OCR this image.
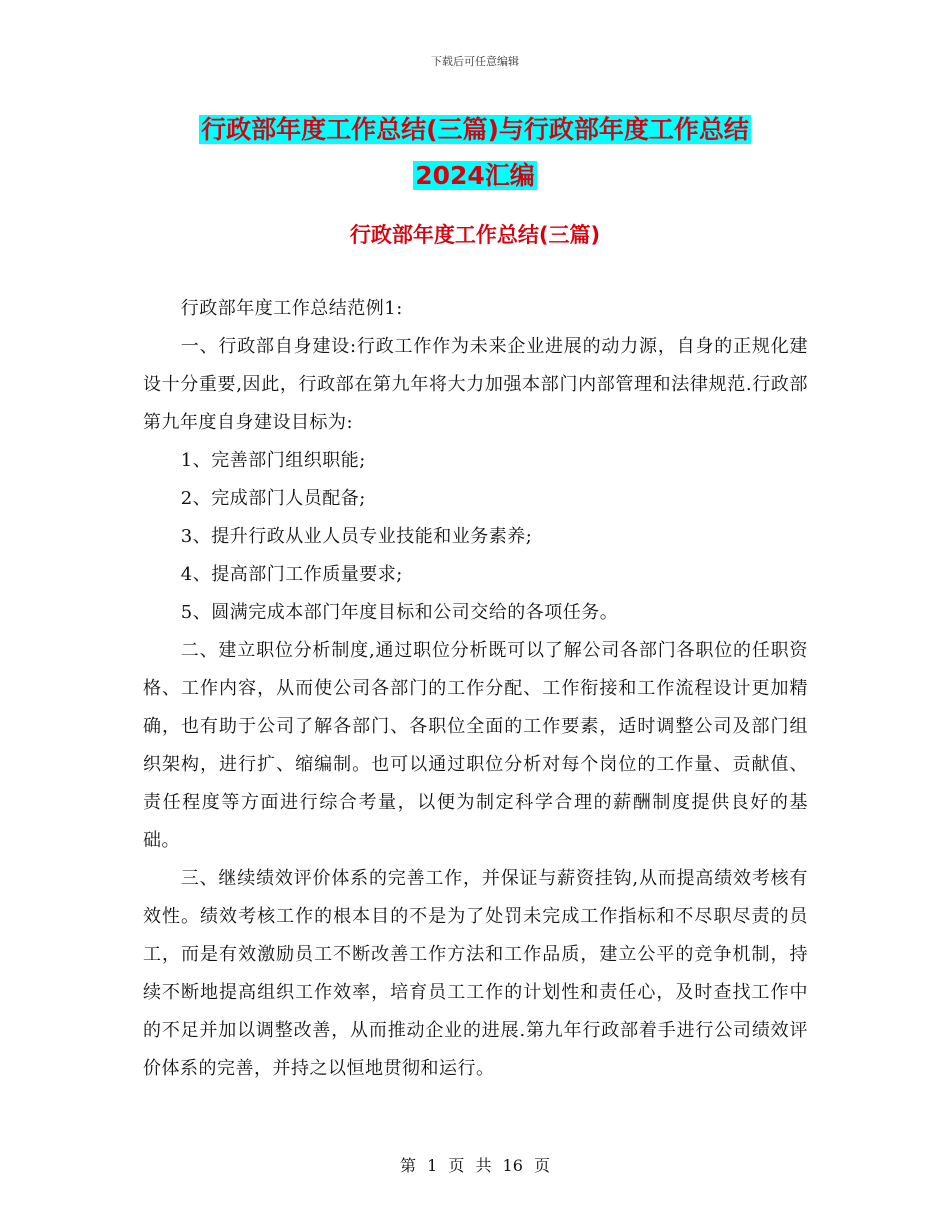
下载后可任意编辑
行政部年度工作总结(三篇)与行政部年度工作总结
2024汇编
行政部年度工作总结(三篇)

行政部年度工作总结范例1:

一、行政部自身建设:行政工作作为未来企业进展的动力源，自身的正规化建设十分重要,因此，行政部在第九年将大力加强本部门内部管理和法律规范.行政部第九年度自身建设目标为:

1、完善部门组织职能;

2、完成部门人员配备;

3、提升行政从业人员专业技能和业务素养;

4、提高部门工作质量要求;

5、圆满完成本部门年度目标和公司交给的各项任务。

二、建立职位分析制度,通过职位分析既可以了解公司各部门各职位的任职资格、工作内容，从而使公司各部门的工作分配、工作衔接和工作流程设计更加精确，也有助于公司了解各部门、各职位全面的工作要素，适时调整公司及部门组织架构，进行扩、缩编制。也可以通过职位分析对每个岗位的工作量、贡献值、责任程度等方面进行综合考量，以便为制定科学合理的薪酬制度提供良好的基础。

三、继续绩效评价体系的完善工作，并保证与薪资挂钩,从而提高绩效考核有效性。绩效考核工作的根本目的不是为了处罚未完成工作指标和不尽职尽责的员工，而是有效激励员工不断改善工作方法和工作品质，建立公平的竞争机制，持续不断地提高组织工作效率，培育员工工作的计划性和责任心，及时查找工作中的不足并加以调整改善，从而推动企业的进展.第九年行政部着手进行公司绩效评价体系的完善，并持之以恒地贯彻和运行。

第 1 页 共 16 页
